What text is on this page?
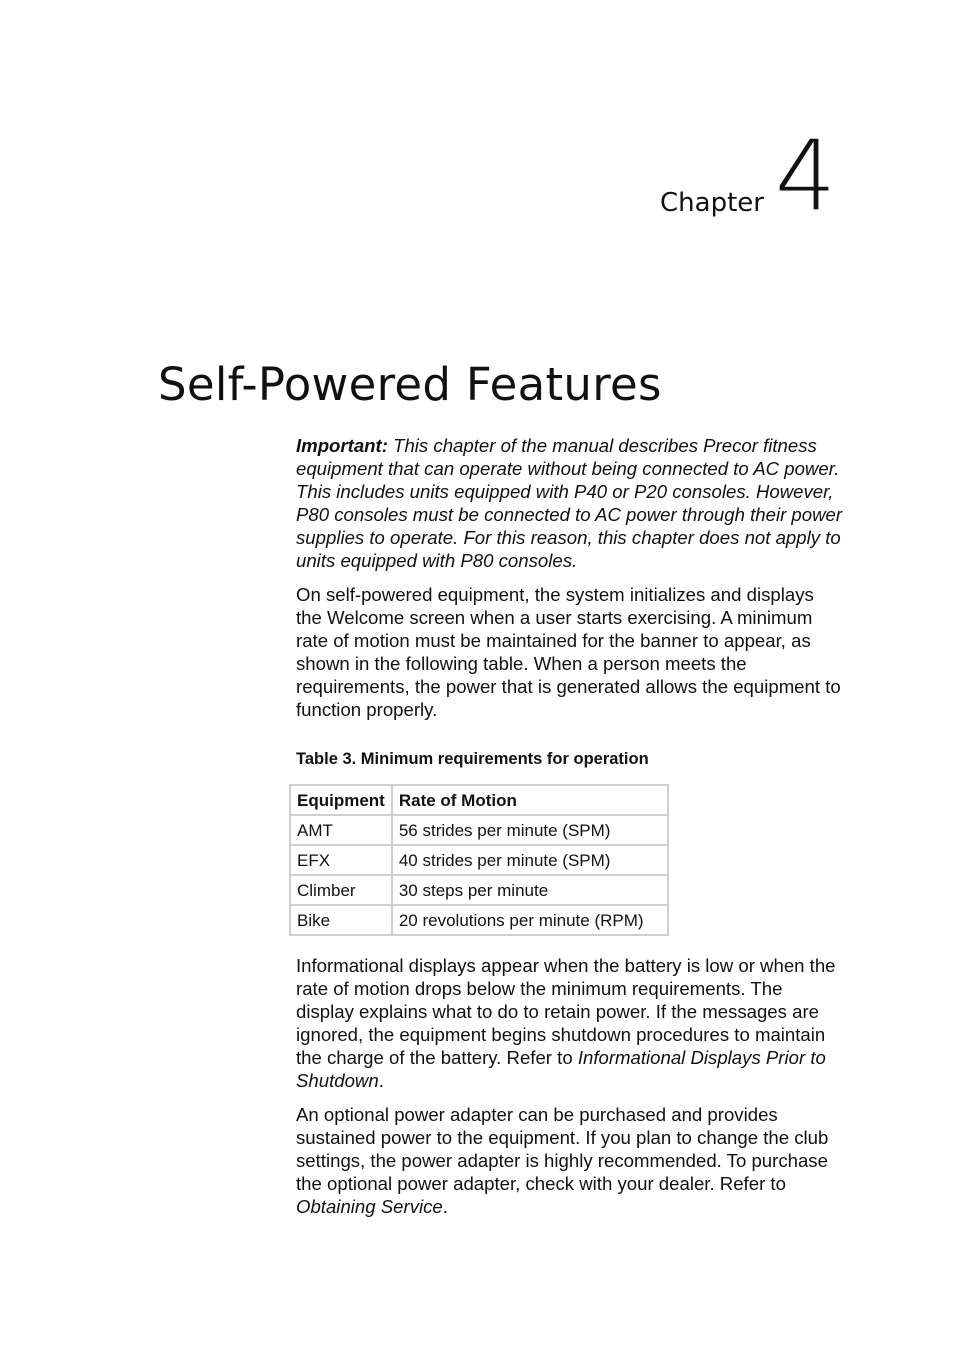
Chapter 4
Self-Powered Features

Important: This chapter of the manual describes Precor fitness equipment that can operate without being connected to AC power. This includes units equipped with P40 or P20 consoles. However, P80 consoles must be connected to AC power through their power supplies to operate. For this reason, this chapter does not apply to units equipped with P80 consoles.

On self-powered equipment, the system initializes and displays the Welcome screen when a user starts exercising. A minimum rate of motion must be maintained for the banner to appear, as shown in the following table. When a person meets the requirements, the power that is generated allows the equipment to function properly.

Table 3. Minimum requirements for operation
Equipment	Rate of Motion
AMT	56 strides per minute (SPM)
EFX	40 strides per minute (SPM)
Climber	30 steps per minute
Bike	20 revolutions per minute (RPM)

Informational displays appear when the battery is low or when the rate of motion drops below the minimum requirements. The display explains what to do to retain power. If the messages are ignored, the equipment begins shutdown procedures to maintain the charge of the battery. Refer to Informational Displays Prior to Shutdown.

An optional power adapter can be purchased and provides sustained power to the equipment. If you plan to change the club settings, the power adapter is highly recommended. To purchase the optional power adapter, check with your dealer. Refer to Obtaining Service.
